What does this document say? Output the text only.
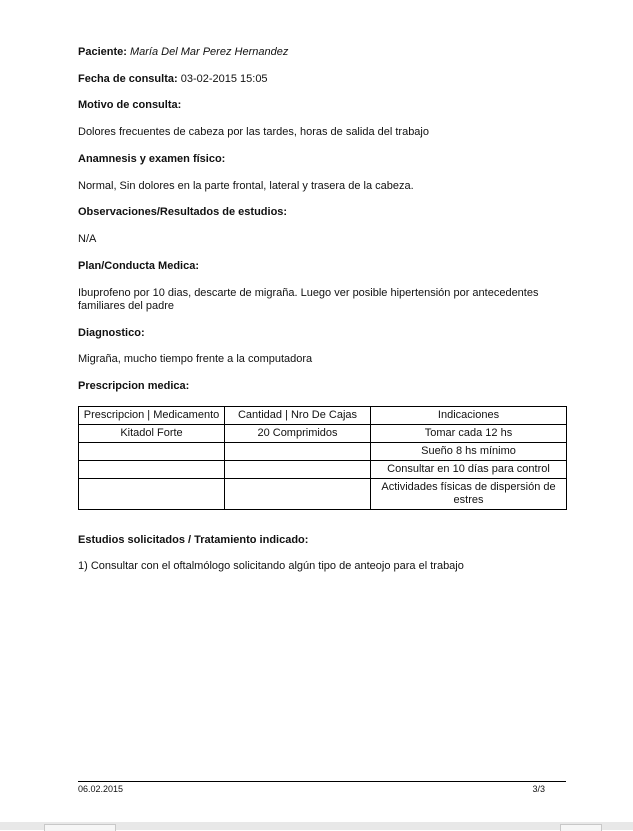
Paciente: María Del Mar Perez Hernandez
Fecha de consulta: 03-02-2015 15:05
Motivo de consulta:
Dolores frecuentes de cabeza por las tardes, horas de salida del trabajo
Anamnesis y examen físico:
Normal, Sin dolores en la parte frontal, lateral y trasera de la cabeza.
Observaciones/Resultados de estudios:
N/A
Plan/Conducta Medica:
Ibuprofeno por 10 dias, descarte de migraña. Luego ver posible hipertensión por antecedentes familiares del padre
Diagnostico:
Migraña, mucho tiempo frente a la computadora
Prescripcion medica:
Prescripcion | Medicamento	Cantidad | Nro De Cajas	Indicaciones
Kitadol Forte	20 Comprimidos	Tomar cada 12 hs
		Sueño 8 hs mínimo
		Consultar en 10 días para control
		Actividades físicas de dispersión de estres
Estudios solicitados / Tratamiento indicado:
1) Consultar con el oftalmólogo solicitando algún tipo de anteojo para el trabajo
06.02.2015	3/3
